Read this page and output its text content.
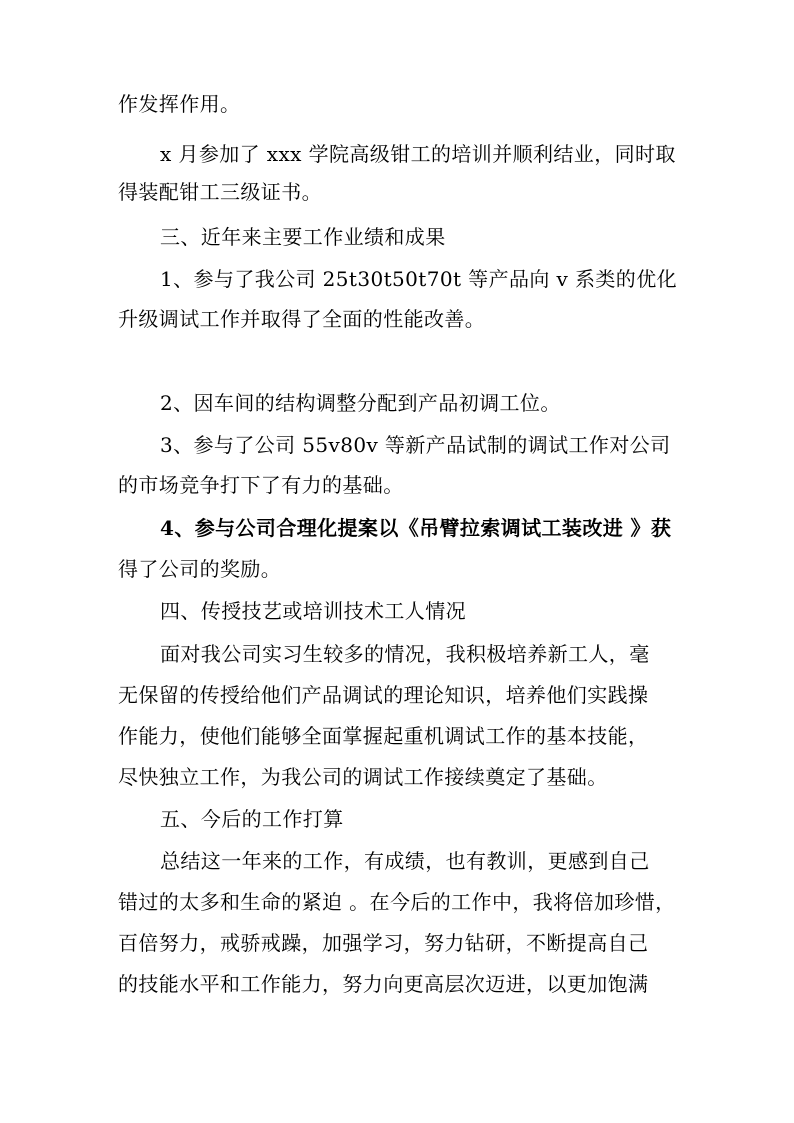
作发挥作用。
x 月参加了 xxx 学院高级钳工的培训并顺利结业，同时取
得装配钳工三级证书。
三、近年来主要工作业绩和成果
1、参与了我公司 25t30t50t70t 等产品向 v 系类的优化
升级调试工作并取得了全面的性能改善。
2、因车间的结构调整分配到产品初调工位。
3、参与了公司 55v80v 等新产品试制的调试工作对公司
的市场竞争打下了有力的基础。
4、参与公司合理化提案以《吊臂拉索调试工装改进 》获
得了公司的奖励。
四、传授技艺或培训技术工人情况
面对我公司实习生较多的情况，我积极培养新工人，毫
无保留的传授给他们产品调试的理论知识，培养他们实践操
作能力，使他们能够全面掌握起重机调试工作的基本技能，
尽快独立工作，为我公司的调试工作接续奠定了基础。
五、今后的工作打算
总结这一年来的工作，有成绩，也有教训，更感到自己
错过的太多和生命的紧迫 。在今后的工作中，我将倍加珍惜，
百倍努力，戒骄戒躁，加强学习，努力钻研，不断提高自己
的技能水平和工作能力，努力向更高层次迈进，以更加饱满
